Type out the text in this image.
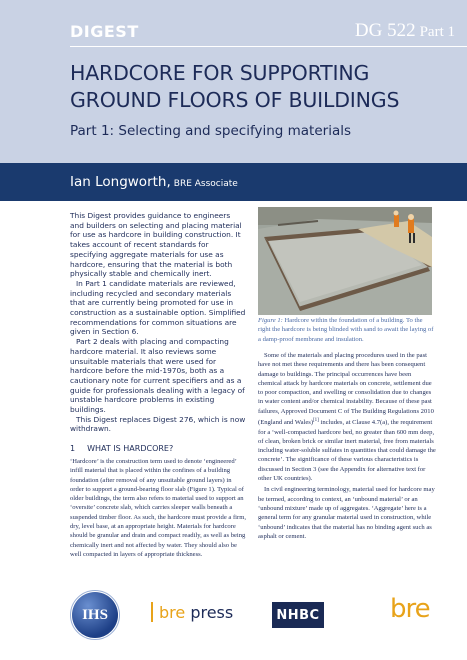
DIGEST	DG 522 Part 1
HARDCORE FOR SUPPORTING
GROUND FLOORS OF BUILDINGS
Part 1: Selecting and specifying materials
Ian Longworth, BRE Associate

This Digest provides guidance to engineers and builders on selecting and placing material for use as hardcore in building construction. It takes account of recent standards for specifying aggregate materials for use as hardcore, ensuring that the material is both physically stable and chemically inert.

In Part 1 candidate materials are reviewed, including recycled and secondary materials that are currently being promoted for use in construction as a sustainable option. Simplified recommendations for common situations are given in Section 6.

Part 2 deals with placing and compacting hardcore material. It also reviews some unsuitable materials that were used for hardcore before the mid-1970s, both as a cautionary note for current specifiers and as a guide for professionals dealing with a legacy of unstable hardcore problems in existing buildings.

This Digest replaces Digest 276, which is now withdrawn.

1 WHAT IS HARDCORE?
‘Hardcore’ is the construction term used to denote ‘engineered’ infill material that is placed within the confines of a building foundation (after removal of any unsuitable ground layers) in order to support a ground-bearing floor slab (Figure 1). Typical of older buildings, the term also refers to material used to support an ‘oversite’ concrete slab, which carries sleeper walls beneath a suspended timber floor. As such, the hardcore must provide a firm, dry, level base, at an appropriate height. Materials for hardcore should be granular and drain and compact readily, as well as being chemically inert and not affected by water. They should also be well compacted in layers of appropriate thickness.
Figure 1: Hardcore within the foundation of a building. To the right the hardcore is being blinded with sand to await the laying of a damp-proof membrane and insulation.

Some of the materials and placing procedures used in the past have not met these requirements and there has been consequent damage to buildings. The principal occurrences have been chemical attack by hardcore materials on concrete, settlement due to poor compaction, and swelling or consolidation due to changes in water content and/or chemical instability. Because of these past failures, Approved Document C of The Building Regulations 2010 (England and Wales)[1] includes, at Clause 4.7(a), the requirement for a ‘well-compacted hardcore bed, no greater than 600 mm deep, of clean, broken brick or similar inert material, free from materials including water-soluble sulfates in quantities that could damage the concrete’. The significance of these various characteristics is discussed in Section 3 (see the Appendix for alternative text for other UK countries).

In civil engineering terminology, material used for hardcore may be termed, according to context, an ‘unbound material’ or an ‘unbound mixture’ made up of aggregates. ‘Aggregate’ here is a general term for any granular material used in construction, while ‘unbound’ indicates that the material has no binding agent such as asphalt or cement.

IHS	bre press	NHBC	bre
